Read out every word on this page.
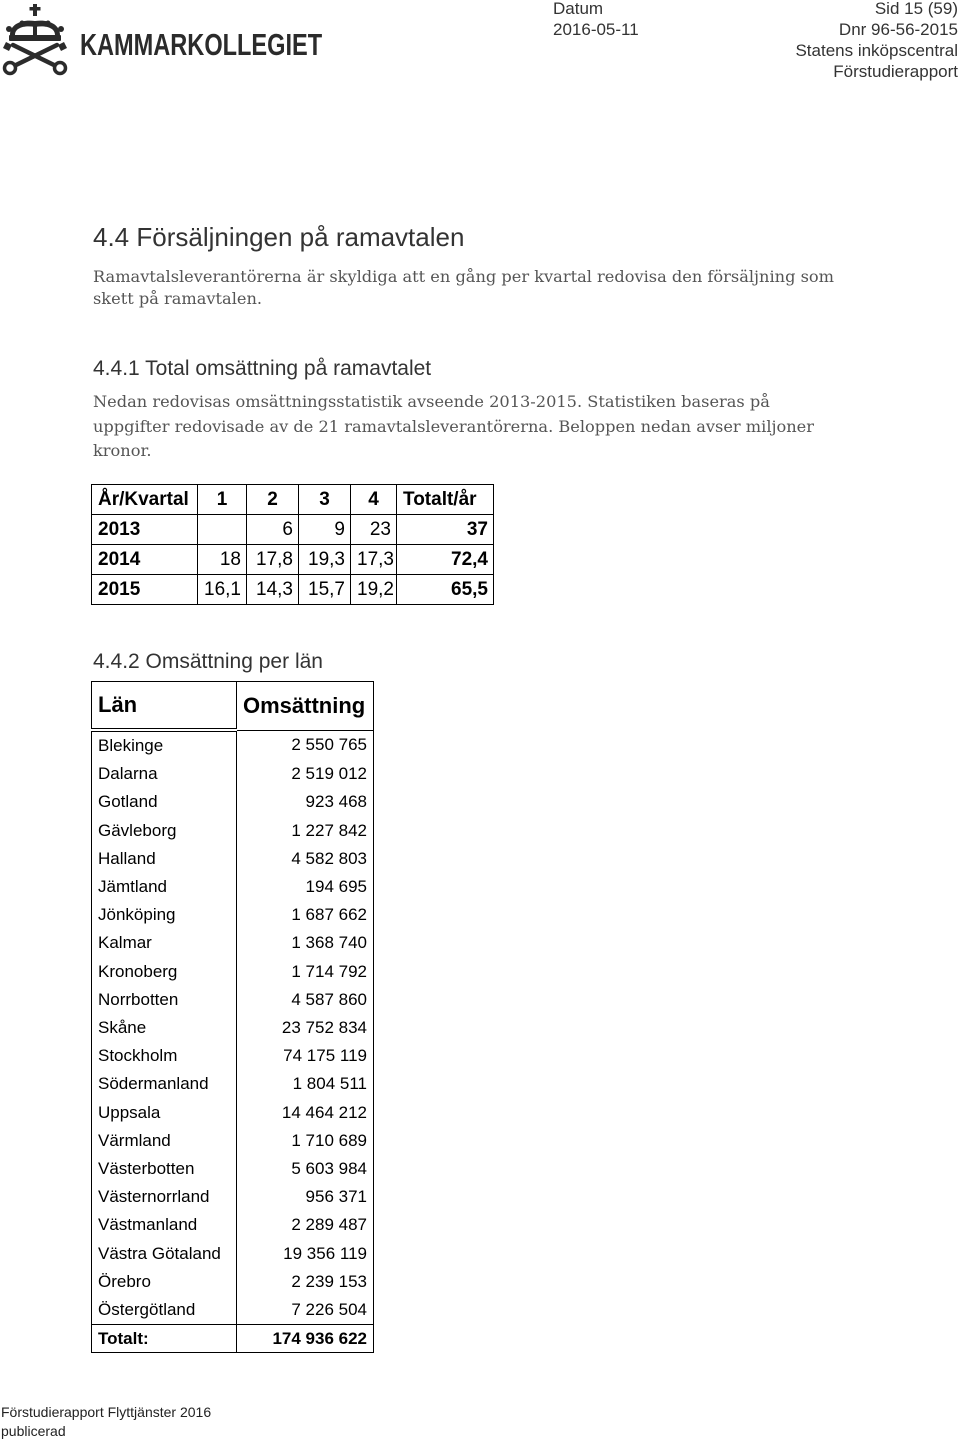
KAMMARKOLLEGIET
Datum
2016-05-11
Sid 15 (59)
Dnr 96-56-2015
Statens inköpscentral
Förstudierapport
4.4 Försäljningen på ramavtalen
Ramavtalsleverantörerna är skyldiga att en gång per kvartal redovisa den försäljning som
skett på ramavtalen.
4.4.1 Total omsättning på ramavtalet
Nedan redovisas omsättningsstatistik avseende 2013-2015. Statistiken baseras på
uppgifter redovisade av de 21 ramavtalsleverantörerna. Beloppen nedan avser miljoner
kronor.
År/Kvartal	1	2	3	4	Totalt/år
2013		6	9	23	37
2014	18	17,8	19,3	17,3	72,4
2015	16,1	14,3	15,7	19,2	65,5
4.4.2 Omsättning per län
Län	Omsättning
Blekinge	2 550 765
Dalarna	2 519 012
Gotland	923 468
Gävleborg	1 227 842
Halland	4 582 803
Jämtland	194 695
Jönköping	1 687 662
Kalmar	1 368 740
Kronoberg	1 714 792
Norrbotten	4 587 860
Skåne	23 752 834
Stockholm	74 175 119
Södermanland	1 804 511
Uppsala	14 464 212
Värmland	1 710 689
Västerbotten	5 603 984
Västernorrland	956 371
Västmanland	2 289 487
Västra Götaland	19 356 119
Örebro	2 239 153
Östergötland	7 226 504
Totalt:	174 936 622
Förstudierapport Flyttjänster 2016
publicerad
